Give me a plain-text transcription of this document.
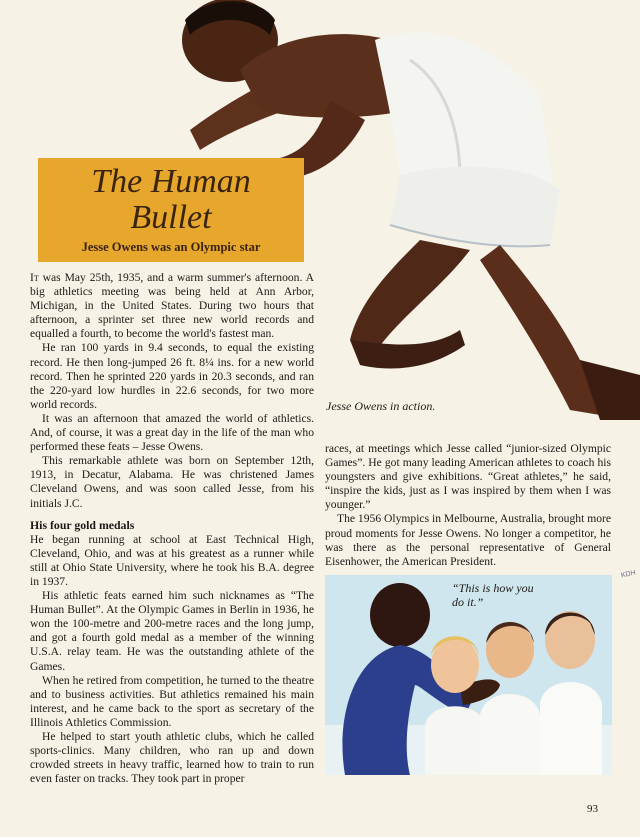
The Human
Bullet
Jesse Owens was an Olympic star

It was May 25th, 1935, and a warm summer's afternoon. A big athletics meeting was being held at Ann Arbor, Michigan, in the United States. During two hours that afternoon, a sprinter set three new world records and equalled a fourth, to become the world's fastest man.

He ran 100 yards in 9.4 seconds, to equal the existing record. He then long-jumped 26 ft. 8¼ ins. for a new world record. Then he sprinted 220 yards in 20.3 seconds, and ran the 220-yard low hurdles in 22.6 seconds, for two more world records.

It was an afternoon that amazed the world of athletics. And, of course, it was a great day in the life of the man who performed these feats – Jesse Owens.

This remarkable athlete was born on September 12th, 1913, in Decatur, Alabama. He was christened James Cleveland Owens, and was soon called Jesse, from his initials J.C.

His four gold medals

He began running at school at East Technical High, Cleveland, Ohio, and was at his greatest as a runner while still at Ohio State University, where he took his B.A. degree in 1937.

His athletic feats earned him such nicknames as “The Human Bullet”. At the Olympic Games in Berlin in 1936, he won the 100-metre and 200-metre races and the long jump, and got a fourth gold medal as a member of the winning U.S.A. relay team. He was the outstanding athlete of the Games.

When he retired from competition, he turned to the theatre and to business activities. But athletics remained his main interest, and he came back to the sport as secretary of the Illinois Athletics Commission.

He helped to start youth athletic clubs, which he called sports-clinics. Many children, who ran up and down crowded streets in heavy traffic, learned how to train to run even faster on tracks. They took part in proper

Jesse Owens in action.

races, at meetings which Jesse called “junior-sized Olympic Games”. He got many leading American athletes to coach his youngsters and give exhibitions. “Great athletes,” he said, “inspire the kids, just as I was inspired by them when I was younger.”

The 1956 Olympics in Melbourne, Australia, brought more proud moments for Jesse Owens. No longer a competitor, he was there as the personal representative of General Eisenhower, the American President.

“This is how you do it.”
KDH
93
